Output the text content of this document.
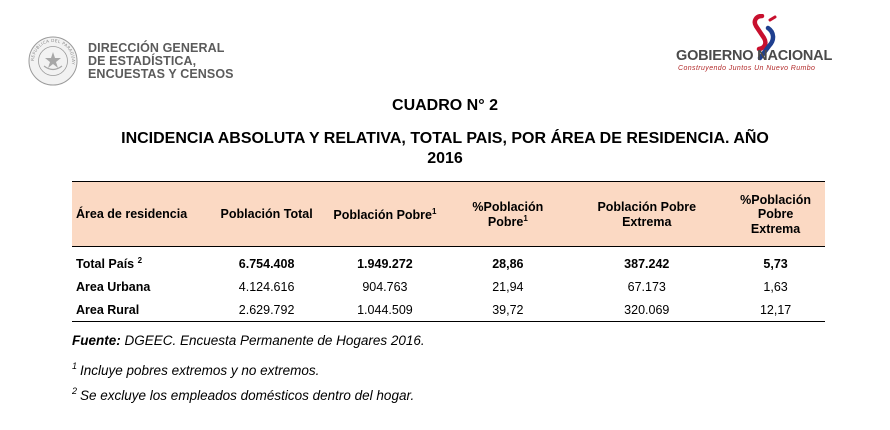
REPUBLICA DEL PARAGUAY
DIRECCIÓN GENERAL
DE ESTADÍSTICA,
ENCUESTAS Y CENSOS
GOBIERNO NACIONAL
Construyendo Juntos Un Nuevo Rumbo
CUADRO N° 2
INCIDENCIA ABSOLUTA Y RELATIVA, TOTAL PAIS, POR ÁREA DE RESIDENCIA. AÑO
2016
Área de residencia	Población Total	Población Pobre$^1$	%Población Pobre$^1$	Población Pobre Extrema	%Población Pobre Extrema
Total País $^2$	6.754.408	1.949.272	28,86	387.242	5,73
Area Urbana	4.124.616	904.763	21,94	67.173	1,63
Area Rural	2.629.792	1.044.509	39,72	320.069	12,17
Fuente: DGEEC. Encuesta Permanente de Hogares 2016.
$^1$ Incluye pobres extremos y no extremos.
$^2$ Se excluye los empleados domésticos dentro del hogar.
